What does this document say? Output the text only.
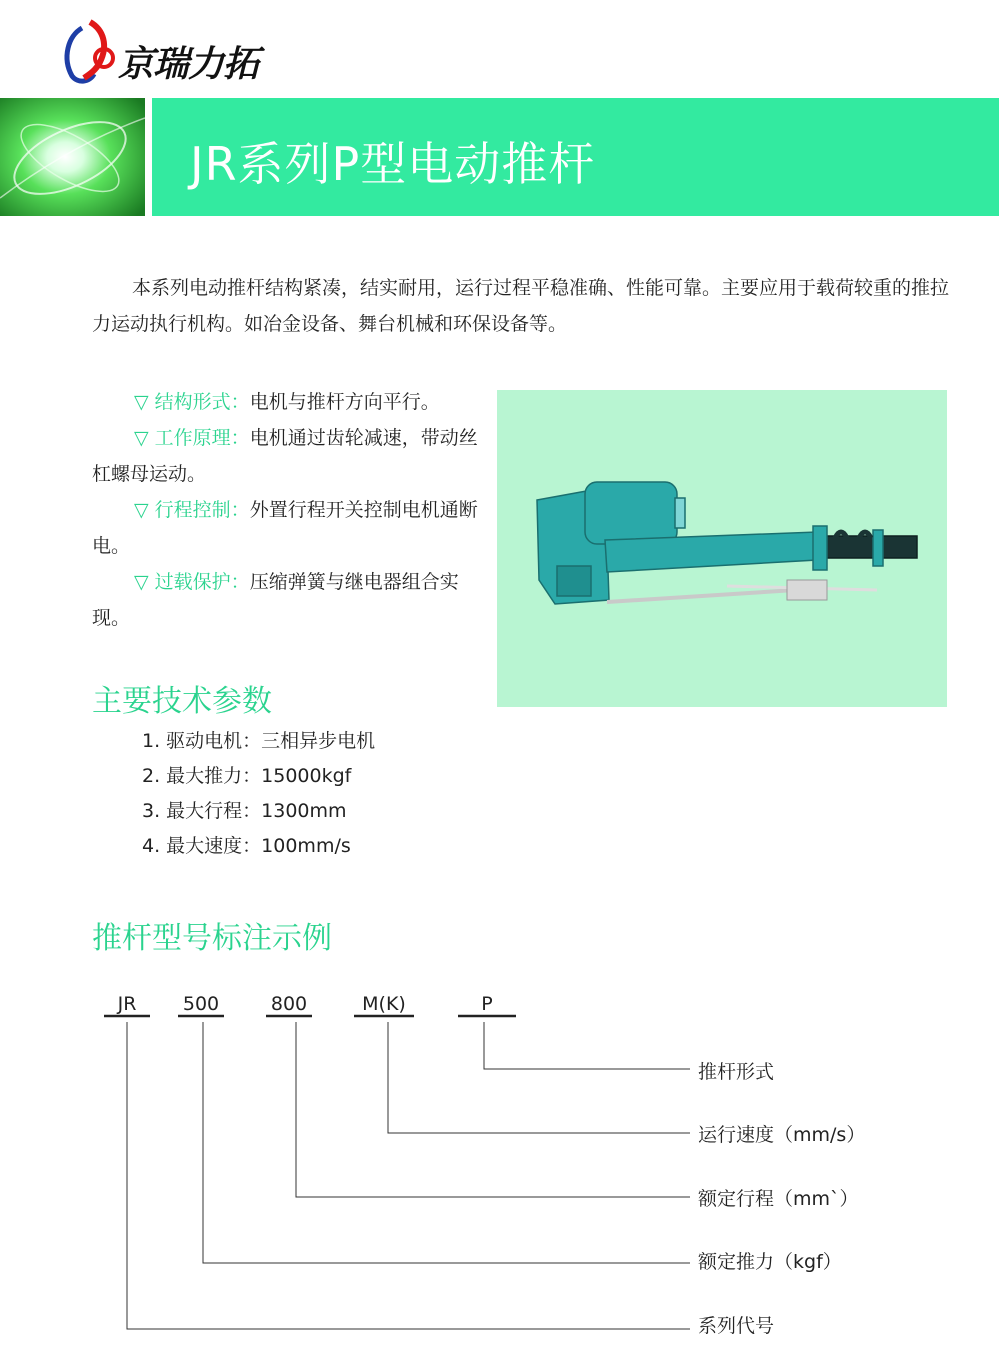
京瑞力拓
JR系列P型电动推杆
本系列电动推杆结构紧凑，结实耐用，运行过程平稳准确、性能可靠。主要应用于载荷较重的推拉力运动执行机构。如冶金设备、舞台机械和环保设备等。
▽ 结构形式：电机与推杆方向平行。
▽ 工作原理：电机通过齿轮减速，带动丝杠螺母运动。
▽ 行程控制：外置行程开关控制电机通断电。
▽ 过载保护：压缩弹簧与继电器组合实现。
主要技术参数
1. 驱动电机：三相异步电机
2. 最大推力：15000kgf
3. 最大行程：1300mm
4. 最大速度：100mm/s
推杆型号标注示例
JR	500	800	M(K)	P
推杆形式
运行速度（mm/s）
额定行程（mm`）
额定推力（kgf）
系列代号
